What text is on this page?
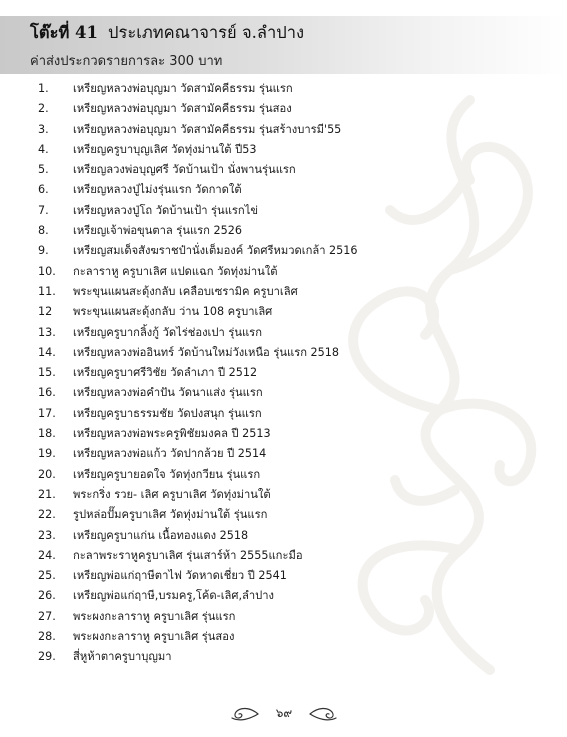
โต๊ะที่ 41 ประเภทคณาจารย์ จ.ลำปาง
ค่าส่งประกวดรายการละ 300 บาท
1. เหรียญหลวงพ่อบุญมา วัดสามัคคีธรรม รุ่นแรก
2. เหรียญหลวงพ่อบุญมา วัดสามัคคีธรรม รุ่นสอง
3. เหรียญหลวงพ่อบุญมา วัดสามัคคีธรรม รุ่นสร้างบารมี'55
4. เหรียญครูบาบุญเลิศ วัดทุ่งม่านใต้ ปี53
5. เหรียญลวงพ่อบุญศรี วัดบ้านเป้า นั่งพานรุ่นแรก
6. เหรียญหลวงปู่ไม่งรุ่นแรก วัดกาดใต้
7. เหรียญหลวงปู่โถ วัดบ้านเป้า รุ่นแรกไข่
8. เหรียญเจ้าพ่อขุนตาล รุ่นแรก 2526
9. เหรียญสมเด็จสังฆราชป๋านั่งเต็มองค์ วัดศรีหมวดเกล้า 2516
10. กะลาราหู ครูบาเลิศ แปดแฉก วัดทุ่งม่านใต้
11. พระขุนแผนสะดุ้งกลับ เคลือบเซรามิค ครูบาเลิศ
12 พระขุนแผนสะดุ้งกลับ ว่าน 108 ครูบาเลิศ
13. เหรียญครูบากลิ้งกู้ วัดไร่ช่องเปา รุ่นแรก
14. เหรียญหลวงพ่ออินทร์ วัดบ้านใหม่วังเหนือ รุ่นแรก 2518
15. เหรียญครูบาศรีวิชัย วัดลำเภา ปี 2512
16. เหรียญหลวงพ่อคำปัน วัดนาแส่ง รุ่นแรก
17. เหรียญครูบาธรรมชัย วัดปงสนุก รุ่นแรก
18. เหรียญหลวงพ่อพระครูพิชัยมงคล ปี 2513
19. เหรียญหลวงพ่อแก้ว วัดปากล้วย ปี 2514
20. เหรียญครูบายอดใจ วัดทุ่งกวียน รุ่นแรก
21. พระกริ่ง รวย- เลิศ ครูบาเลิศ วัดทุ่งม่านใต้
22. รูปหล่อปั๊มครูบาเลิศ วัดทุ่งม่านใต้ รุ่นแรก
23. เหรียญครูบาแก่น เนื้อทองแดง 2518
24. กะลาพระราหูครูบาเลิศ รุ่นเสาร์ห้า 2555แกะมือ
25. เหรียญพ่อแก่ฤาษีตาไฟ วัดหาดเชี่ยว ปี 2541
26. เหรียญพ่อแก่ฤาษี,บรมครู,โค้ด-เลิศ,ลำปาง
27. พระผงกะลาราหู ครูบาเลิศ รุ่นแรก
28. พระผงกะลาราหู ครูบาเลิศ รุ่นสอง
29. สี่หูห้าตาครูบาบุญมา
๖๙
